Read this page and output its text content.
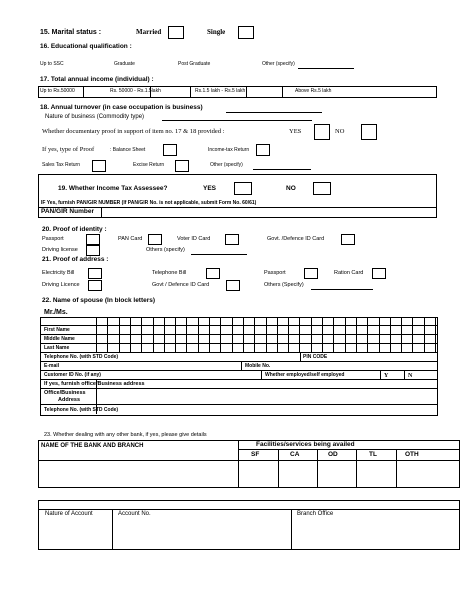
15. Marital status :	Married	Single
16. Educational qualification :
Up to SSC	Graduate	Post Graduate	Other (specify)
17. Total annual income (individual) :
Up to Rs.50000	Rs. 50000 - Rs.1.5lakh	Rs.1.5 lakh - Rs.5 lakh	Above Rs.5 lakh
18. Annual turnover (in case occupation is business)
Nature of business (Commodity type)
Whether documentary proof in support of item no. 17 & 18 provided :	YES	NO
If yes, type of Proof	: Balance Sheet	Income-tax Return
Sales Tax Return	Excise Return	Other (specify)
19. Whether Income Tax Assessee?	YES	NO
IF Yes, furnish PAN/GIR NUMBER (If PAN/GIR No. is not applicable, submit Form No. 60/61)
PAN/GIR Number
20. Proof of identity :
Passport	PAN Card	Voter ID Card	Govt. /Defence ID Card
Driving license	Others (specify)
21. Proof of address :
Electricity Bill	Telephone Bill	Passport	Ration Card
Driving Licence	Govt / Defence ID Card	Others (Specify)
22. Name of spouse (In block letters)
Mr./Ms.
First Name
Middle Name
Last Name
Telephone No. (with STD Code)	PIN CODE
E-mail	Mobile No.
Customer ID No. (if any)	Whether employed/self employed	Y	N
If yes, furnish office/Business address
Office/Business
Address
Telephone No. (with STD Code)
23. Whether dealing with any other bank, if yes, please give details
NAME OF THE BANK AND BRANCH	Facilities/services being availed
SF	CA	OD	TL	OTH
Nature of Account	Account No.	Branch Office
